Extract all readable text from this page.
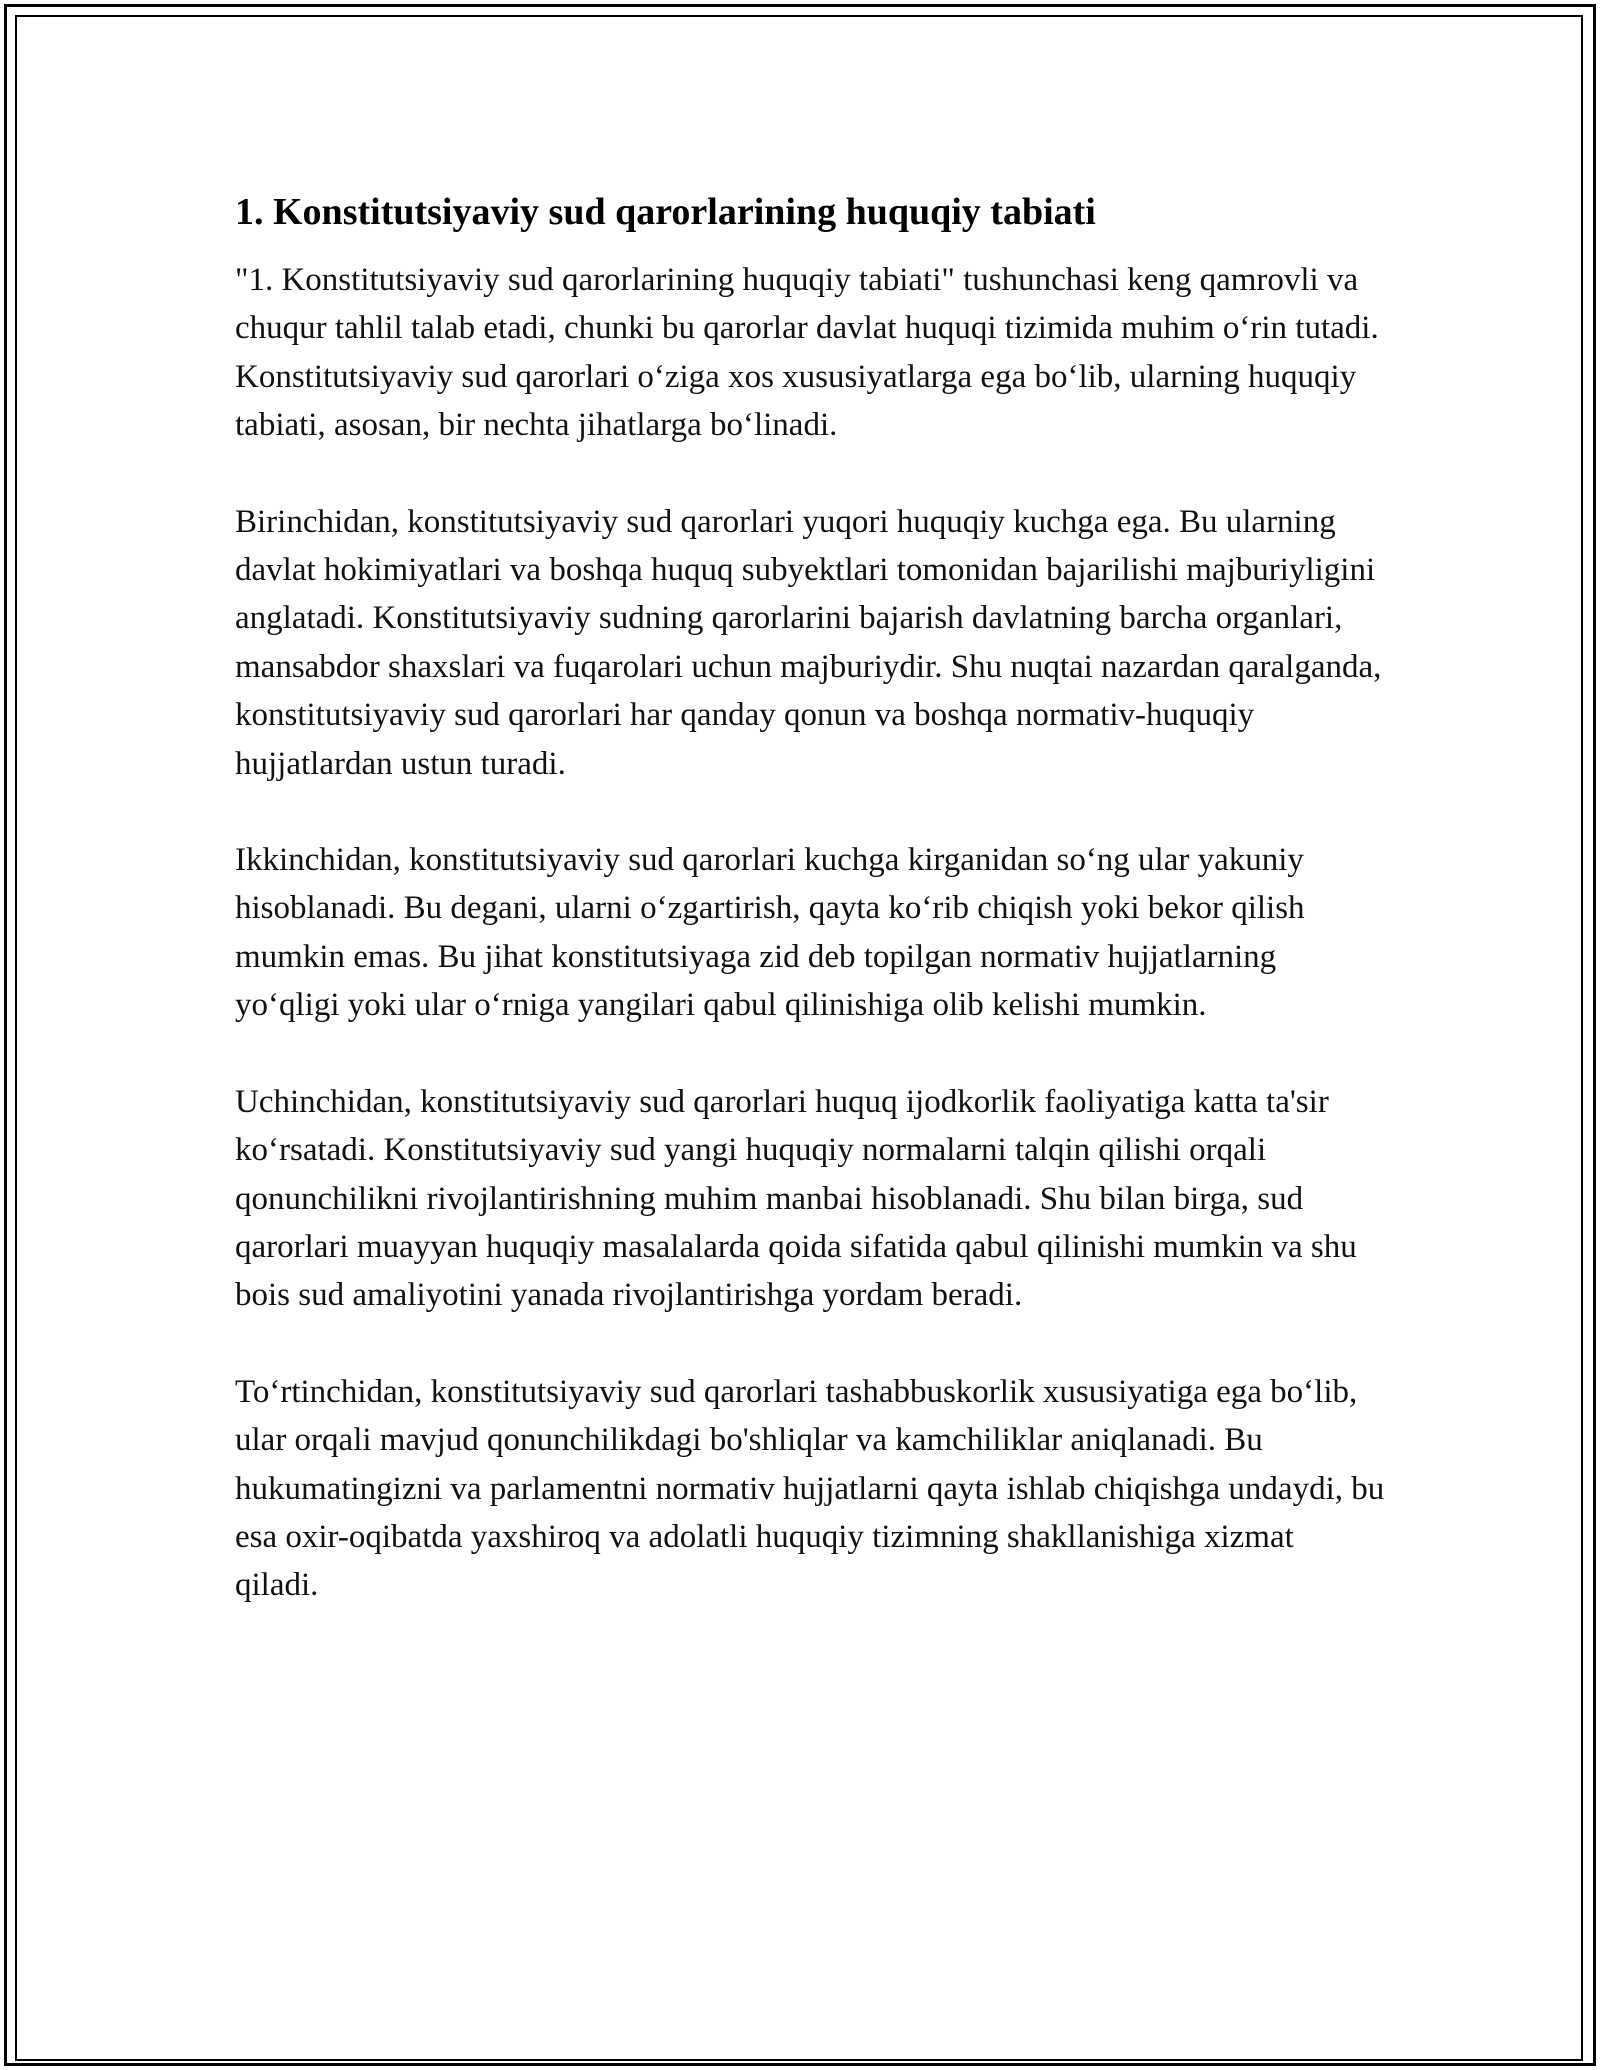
1. Konstitutsiyaviy sud qarorlarining huquqiy tabiati

"1. Konstitutsiyaviy sud qarorlarining huquqiy tabiati" tushunchasi keng qamrovli va chuqur tahlil talab etadi, chunki bu qarorlar davlat huquqi tizimida muhim o‘rin tutadi. Konstitutsiyaviy sud qarorlari o‘ziga xos xususiyatlarga ega bo‘lib, ularning huquqiy tabiati, asosan, bir nechta jihatlarga bo‘linadi.

Birinchidan, konstitutsiyaviy sud qarorlari yuqori huquqiy kuchga ega. Bu ularning davlat hokimiyatlari va boshqa huquq subyektlari tomonidan bajarilishi majburiyligini anglatadi. Konstitutsiyaviy sudning qarorlarini bajarish davlatning barcha organlari, mansabdor shaxslari va fuqarolari uchun majburiydir. Shu nuqtai nazardan qaralganda, konstitutsiyaviy sud qarorlari har qanday qonun va boshqa normativ-huquqiy hujjatlardan ustun turadi.

Ikkinchidan, konstitutsiyaviy sud qarorlari kuchga kirganidan so‘ng ular yakuniy hisoblanadi. Bu degani, ularni o‘zgartirish, qayta ko‘rib chiqish yoki bekor qilish mumkin emas. Bu jihat konstitutsiyaga zid deb topilgan normativ hujjatlarning yo‘qligi yoki ular o‘rniga yangilari qabul qilinishiga olib kelishi mumkin.

Uchinchidan, konstitutsiyaviy sud qarorlari huquq ijodkorlik faoliyatiga katta ta'sir ko‘rsatadi. Konstitutsiyaviy sud yangi huquqiy normalarni talqin qilishi orqali qonunchilikni rivojlantirishning muhim manbai hisoblanadi. Shu bilan birga, sud qarorlari muayyan huquqiy masalalarda qoida sifatida qabul qilinishi mumkin va shu bois sud amaliyotini yanada rivojlantirishga yordam beradi.

To‘rtinchidan, konstitutsiyaviy sud qarorlari tashabbuskorlik xususiyatiga ega bo‘lib, ular orqali mavjud qonunchilikdagi bo'shliqlar va kamchiliklar aniqlanadi. Bu hukumatingizni va parlamentni normativ hujjatlarni qayta ishlab chiqishga undaydi, bu esa oxir-oqibatda yaxshiroq va adolatli huquqiy tizimning shakllanishiga xizmat qiladi.
